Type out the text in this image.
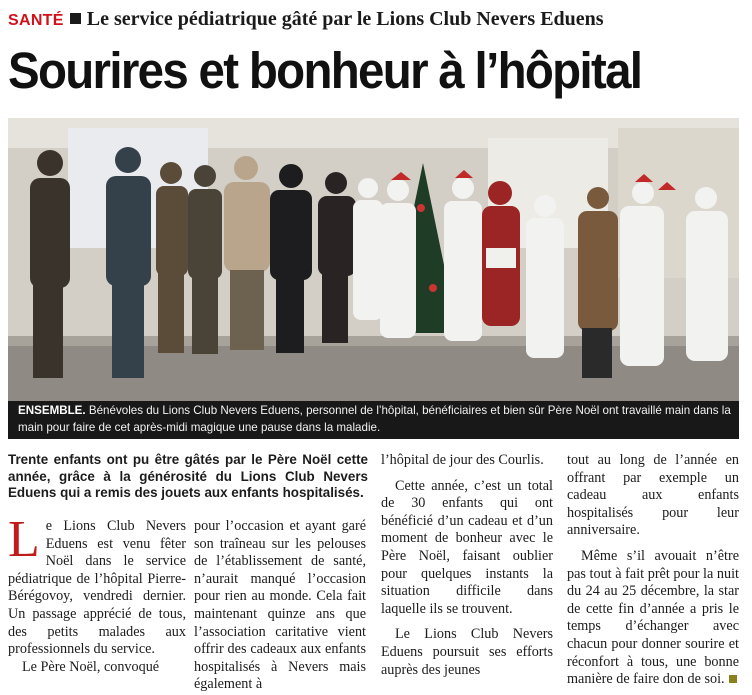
SANTÉ Le service pédiatrique gâté par le Lions Club Nevers Eduens
Sourires et bonheur à l’hôpital
ENSEMBLE. Bénévoles du Lions Club Nevers Eduens, personnel de l’hôpital, bénéficiaires et bien sûr Père Noël ont travaillé main dans la main pour faire de cet après-midi magique une pause dans la maladie.
Trente enfants ont pu être gâtés par le Père Noël cette année, grâce à la générosité du Lions Club Nevers Eduens qui a remis des jouets aux enfants hospitalisés.

Le Lions Club Nevers Eduens est venu fêter Noël dans le service pédiatrique de l’hôpital Pierre-Bérégovoy, vendredi dernier. Un passage apprécié de tous, des petits malades aux professionnels du service.

Le Père Noël, convoqué

pour l’occasion et ayant garé son traîneau sur les pelouses de l’établissement de santé, n’aurait manqué l’occasion pour rien au monde. Cela fait maintenant quinze ans que l’association caritative vient offrir des cadeaux aux enfants hospitalisés à Nevers mais également à

l’hôpital de jour des Courlis.

Cette année, c’est un total de 30 enfants qui ont bénéficié d’un cadeau et d’un moment de bonheur avec le Père Noël, faisant oublier pour quelques instants la situation difficile dans laquelle ils se trouvent.

Le Lions Club Nevers Eduens poursuit ses efforts auprès des jeunes

tout au long de l’année en offrant par exemple un cadeau aux enfants hospitalisés pour leur anniversaire.

Même s’il avouait n’être pas tout à fait prêt pour la nuit du 24 au 25 décembre, la star de cette fin d’année a pris le temps d’échanger avec chacun pour donner sourire et réconfort à tous, une bonne manière de faire don de soi.
